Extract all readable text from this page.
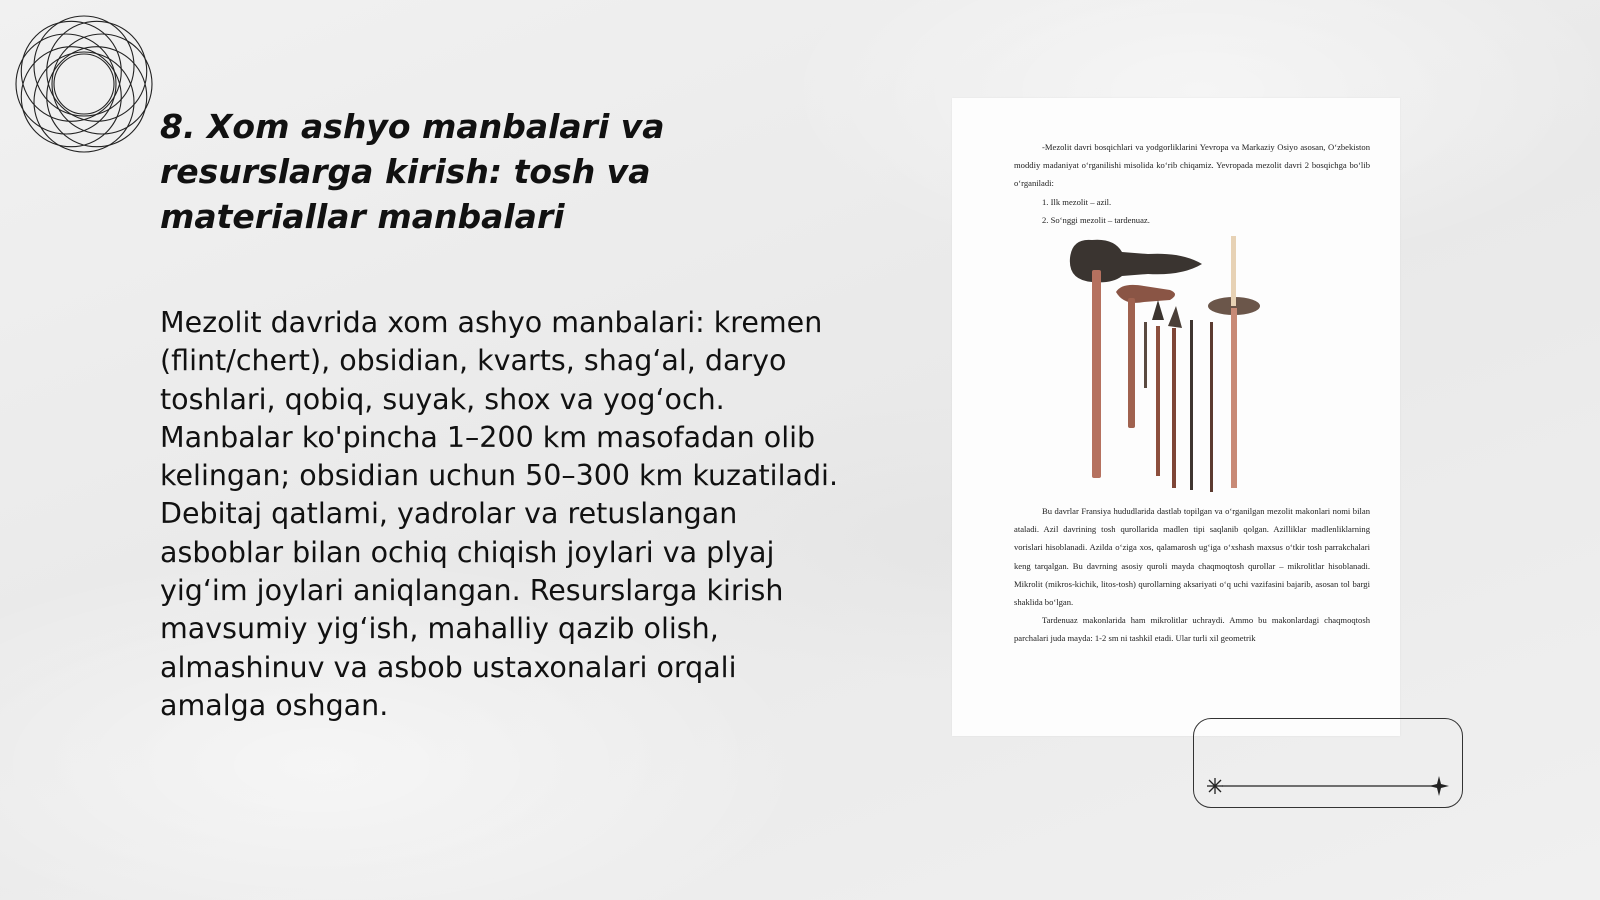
8. Xom ashyo manbalari va resurslarga kirish: tosh va materiallar manbalari

Mezolit davrida xom ashyo manbalari: kremen (flint/chert), obsidian, kvarts, shag‘al, daryo toshlari, qobiq, suyak, shox va yog‘och. Manbalar ko'pincha 1–200 km masofadan olib kelingan; obsidian uchun 50–300 km kuzatiladi. Debitaj qatlami, yadrolar va retuslangan asboblar bilan ochiq chiqish joylari va plyaj yig‘im joylari aniqlangan. Resurslarga kirish mavsumiy yig‘ish, mahalliy qazib olish, almashinuv va asbob ustaxonalari orqali amalga oshgan.

-Mezolit davri bosqichlari va yodgorliklarini Yevropa va Markaziy Osiyo asosan, O‘zbekiston moddiy madaniyat o‘rganilishi misolida ko‘rib chiqamiz. Yevropada mezolit davri 2 bosqichga bo‘lib o‘rganiladi:

1. Ilk mezolit – azil.
2. So‘nggi mezolit – tardenuaz.

Bu davrlar Fransiya hududlarida dastlab topilgan va o‘rganilgan mezolit makonlari nomi bilan ataladi. Azil davrining tosh qurollarida madlen tipi saqlanib qolgan. Azilliklar madlenliklarning vorislari hisoblanadi. Azilda o‘ziga xos, qalamarosh ug‘iga o‘xshash maxsus o‘tkir tosh parrakchalari keng tarqalgan. Bu davrning asosiy quroli mayda chaqmoqtosh qurollar – mikrolitlar hisoblanadi. Mikrolit (mikros-kichik, litos-tosh) qurollarning aksariyati o‘q uchi vazifasini bajarib, asosan tol bargi shaklida bo‘lgan.

Tardenuaz makonlarida ham mikrolitlar uchraydi. Ammo bu makonlardagi chaqmoqtosh parchalari juda mayda: 1-2 sm ni tashkil etadi. Ular turli xil geometrik
